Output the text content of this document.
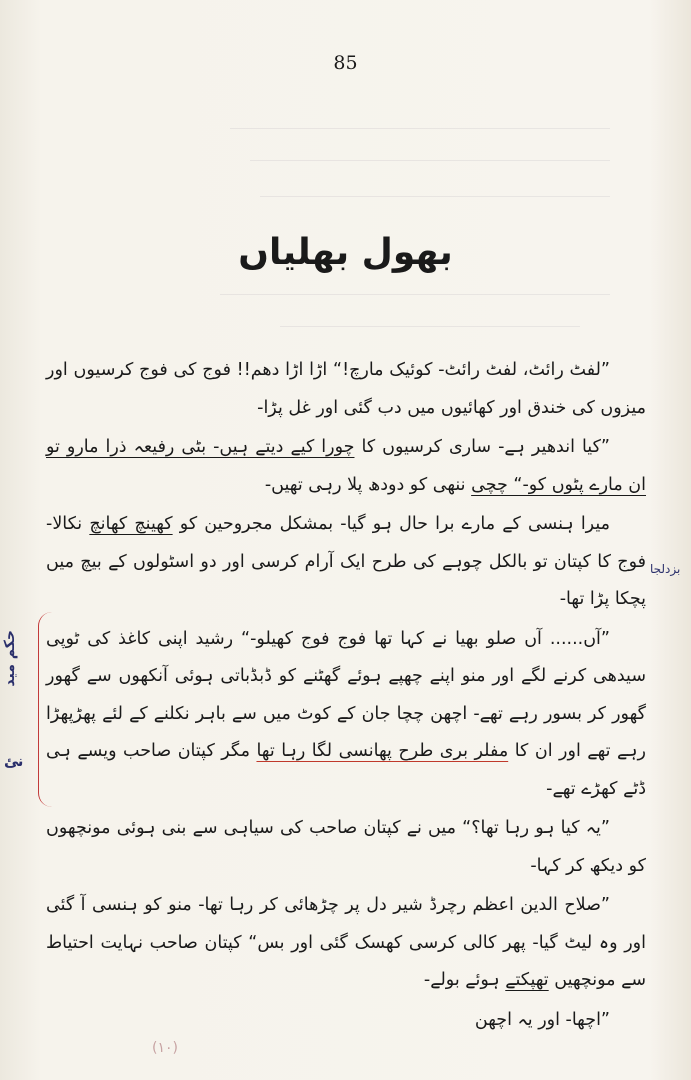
85
بھول بھلیاں

”لفٹ رائٹ، لفٹ رائٹ- کوئیک مارچ!“ اڑا اڑا دھم!! فوج کی فوج کرسیوں اور میزوں کی خندق اور کھائیوں میں دب گئی اور غل پڑا-

”کیا اندھیر ہے- ساری کرسیوں کا چورا کیے دیتے ہیں- بٹی رفیعہ ذرا مارو تو ان مارے پٹوں کو-“ چچی ننھی کو دودھ پلا رہی تھیں-

میرا ہنسی کے مارے برا حال ہو گیا- بمشکل مجروحین کو کھینچ کھانچ نکالا- فوج کا کپتان تو بالکل چوہے کی طرح ایک آرام کرسی اور دو اسٹولوں کے بیچ میں پچکا پڑا تھا-

”آں...... آں صلو بھیا نے کہا تھا فوج فوج کھیلو-“ رشید اپنی کاغذ کی ٹوپی سیدھی کرنے لگے اور منو اپنے چھپے ہوئے گھٹنے کو ڈبڈباتی ہوئی آنکھوں سے گھور گھور کر بسور رہے تھے- اچھن چچا جان کے کوٹ میں سے باہر نکلنے کے لئے پھڑپھڑا رہے تھے اور ان کا مفلر بری طرح پھانسی لگا رہا تھا مگر کپتان صاحب ویسے ہی ڈٹے کھڑے تھے-

”یہ کیا ہو رہا تھا؟“ میں نے کپتان صاحب کی سیاہی سے بنی ہوئی مونچھوں کو دیکھ کر کہا-

”صلاح الدین اعظم رچرڈ شیر دل پر چڑھائی کر رہا تھا- منو کو ہنسی آ گئی اور وہ لیٹ گیا- پھر کالی کرسی کھسک گئی اور بس“ کپتان صاحب نہایت احتیاط سے مونچھیں تھپکتے ہوئے بولے-

”اچھا- اور یہ اچھن

بزدلجا
حکم مید
نئ
(۱۰)
